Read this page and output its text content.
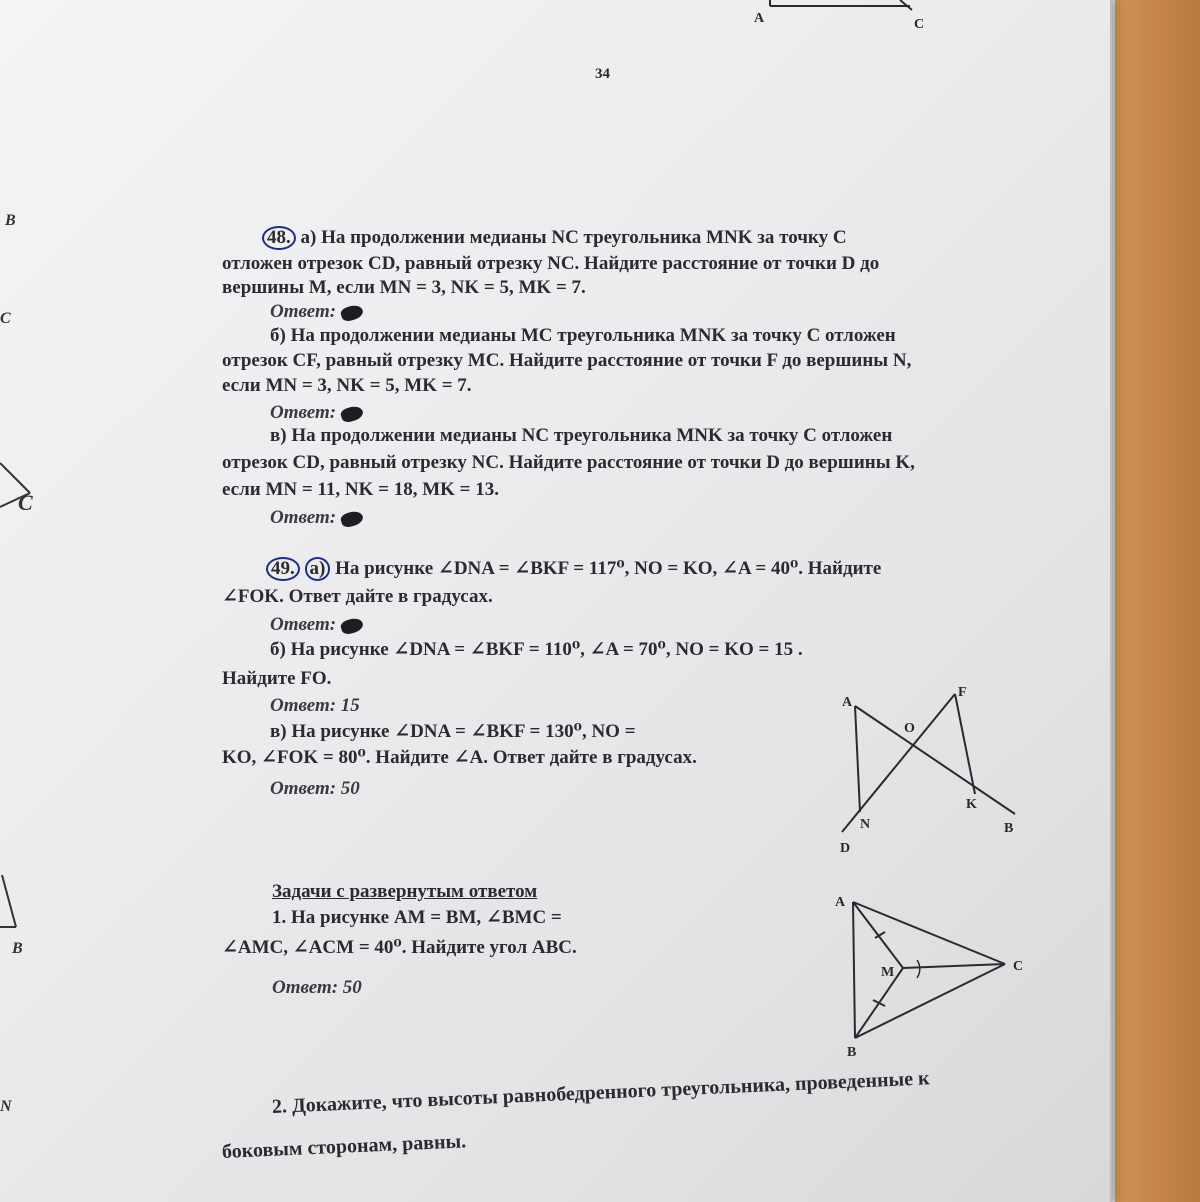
A	C
34
B
C
C
B
N
48. а) На продолжении медианы NC треугольника MNK за точку C
отложен отрезок CD, равный отрезку NC. Найдите расстояние от точки D до
вершины М, если MN = 3, NK = 5, MK = 7.
Ответ:
б) На продолжении медианы MC треугольника MNK за точку C отложен
отрезок CF, равный отрезку MC. Найдите расстояние от точки F до вершины N,
если MN = 3, NK = 5, MK = 7.
Ответ:
в) На продолжении медианы NC треугольника MNK за точку C отложен
отрезок CD, равный отрезку NC. Найдите расстояние от точки D до вершины K,
если MN = 11, NK = 18, MK = 13.
Ответ:
49. а) На рисунке ∠DNA = ∠BKF = 117⁰, NO = KO, ∠A = 40⁰. Найдите
∠FOK. Ответ дайте в градусах.
Ответ:
б) На рисунке ∠DNA = ∠BKF = 110⁰, ∠A = 70⁰, NO = KO = 15 .
Найдите FO.
Ответ: 15
в) На рисунке ∠DNA = ∠BKF = 130⁰, NO =
KO, ∠FOK = 80⁰. Найдите ∠A. Ответ дайте в градусах.
Ответ: 50
A
F
O
K
N	B
D
Задачи с развернутым ответом
1. На рисунке AM = BM, ∠BMC =
∠AMC, ∠ACM = 40⁰. Найдите угол ABC.
Ответ: 50
A
M	C
B
2. Докажите, что высоты равнобедренного треугольника, проведенные к
боковым сторонам, равны.
